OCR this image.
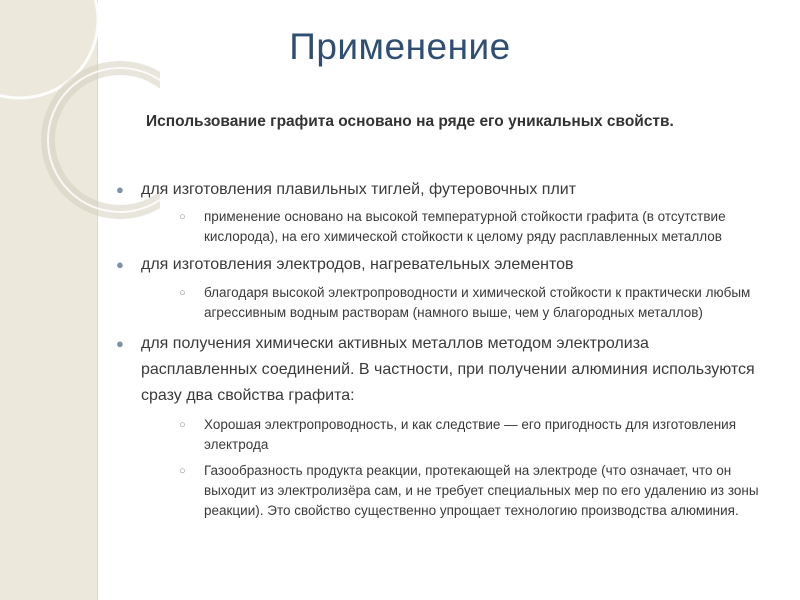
Применение
Использование графита основано на ряде его уникальных свойств.
● для изготовления плавильных тиглей, футеровочных плит
○ применение основано на высокой температурной стойкости графита (в отсутствие кислорода), на его химической стойкости к целому ряду расплавленных металлов
● для изготовления электродов, нагревательных элементов
○ благодаря высокой электропроводности и химической стойкости к практически любым агрессивным водным растворам (намного выше, чем у благородных металлов)
● для получения химически активных металлов методом электролиза расплавленных соединений. В частности, при получении алюминия используются сразу два свойства графита:
○ Хорошая электропроводность, и как следствие — его пригодность для изготовления электрода
○ Газообразность продукта реакции, протекающей на электроде (что означает, что он выходит из электролизёра сам, и не требует специальных мер по его удалению из зоны реакции). Это свойство существенно упрощает технологию производства алюминия.
